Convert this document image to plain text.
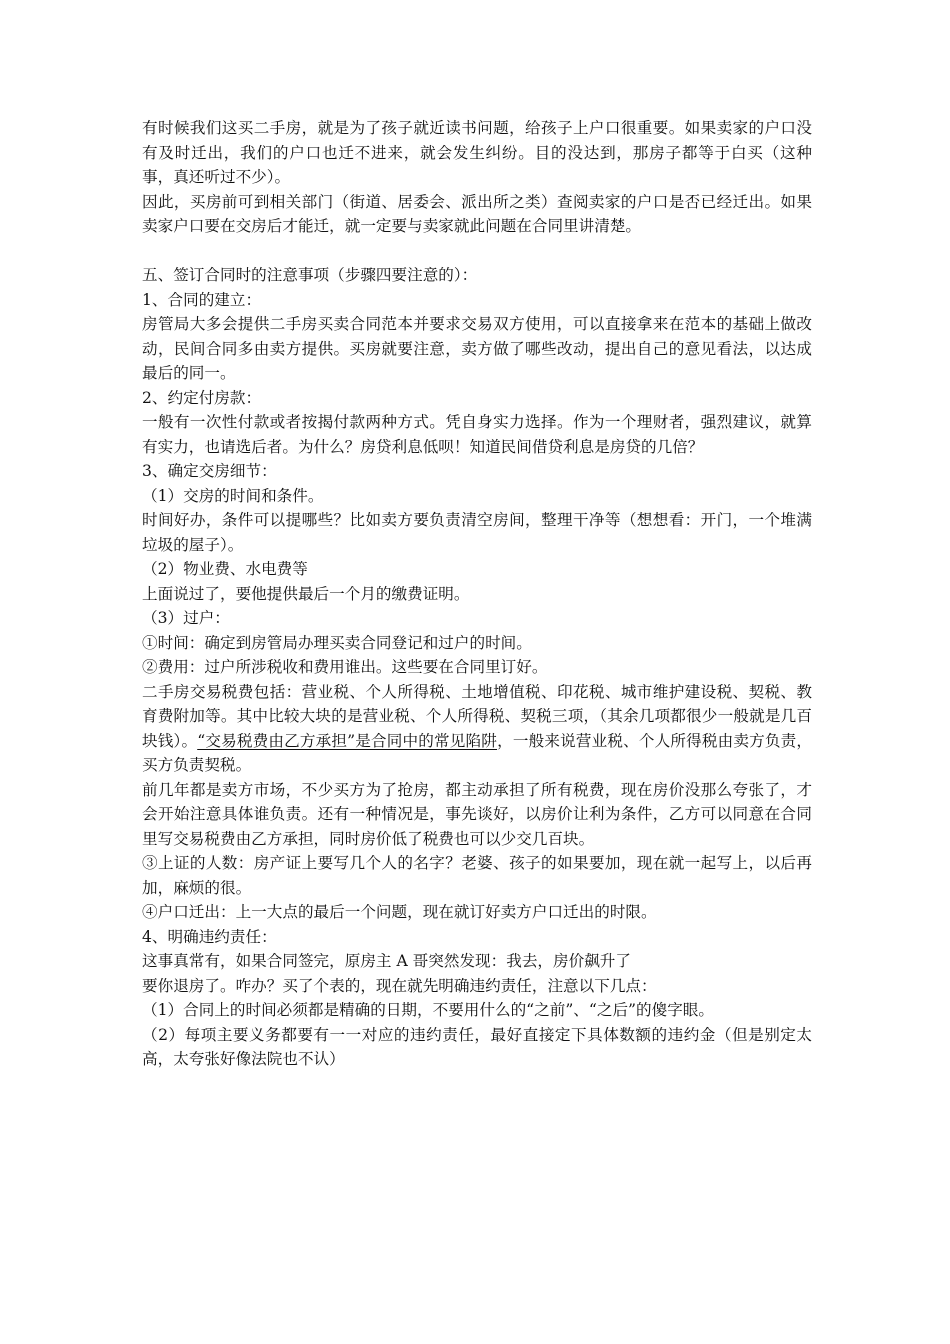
有时候我们这买二手房，就是为了孩子就近读书问题，给孩子上户口很重要。如果卖家的户口没有及时迁出，我们的户口也迁不进来，就会发生纠纷。目的没达到，那房子都等于白买（这种事，真还听过不少）。

因此，买房前可到相关部门（街道、居委会、派出所之类）查阅卖家的户口是否已经迁出。如果卖家户口要在交房后才能迁，就一定要与卖家就此问题在合同里讲清楚。

五、签订合同时的注意事项（步骤四要注意的）：

1、合同的建立：

房管局大多会提供二手房买卖合同范本并要求交易双方使用，可以直接拿来在范本的基础上做改动，民间合同多由卖方提供。买房就要注意，卖方做了哪些改动，提出自己的意见看法，以达成最后的同一。

2、约定付房款：

一般有一次性付款或者按揭付款两种方式。凭自身实力选择。作为一个理财者，强烈建议，就算有实力，也请选后者。为什么？房贷利息低呗！知道民间借贷利息是房贷的几倍？

3、确定交房细节：

（1）交房的时间和条件。

时间好办，条件可以提哪些？比如卖方要负责清空房间，整理干净等（想想看：开门，一个堆满垃圾的屋子）。

（2）物业费、水电费等

上面说过了，要他提供最后一个月的缴费证明。

（3）过户：

①时间：确定到房管局办理买卖合同登记和过户的时间。

②费用：过户所涉税收和费用谁出。这些要在合同里订好。

二手房交易税费包括：营业税、个人所得税、土地增值税、印花税、城市维护建设税、契税、教育费附加等。其中比较大块的是营业税、个人所得税、契税三项，（其余几项都很少一般就是几百块钱）。“交易税费由乙方承担”是合同中的常见陷阱，一般来说营业税、个人所得税由卖方负责，买方负责契税。

前几年都是卖方市场，不少买方为了抢房，都主动承担了所有税费，现在房价没那么夸张了，才会开始注意具体谁负责。还有一种情况是，事先谈好，以房价让利为条件，乙方可以同意在合同里写交易税费由乙方承担，同时房价低了税费也可以少交几百块。

③上证的人数：房产证上要写几个人的名字？老婆、孩子的如果要加，现在就一起写上，以后再加，麻烦的很。

④户口迁出：上一大点的最后一个问题，现在就订好卖方户口迁出的时限。

4、明确违约责任：

这事真常有，如果合同签完，原房主 A 哥突然发现：我去，房价飙升了

要你退房了。咋办？买了个表的，现在就先明确违约责任，注意以下几点：

（1）合同上的时间必须都是精确的日期，不要用什么的“之前”、“之后”的傻字眼。

（2）每项主要义务都要有一一对应的违约责任，最好直接定下具体数额的违约金（但是别定太高，太夸张好像法院也不认）
